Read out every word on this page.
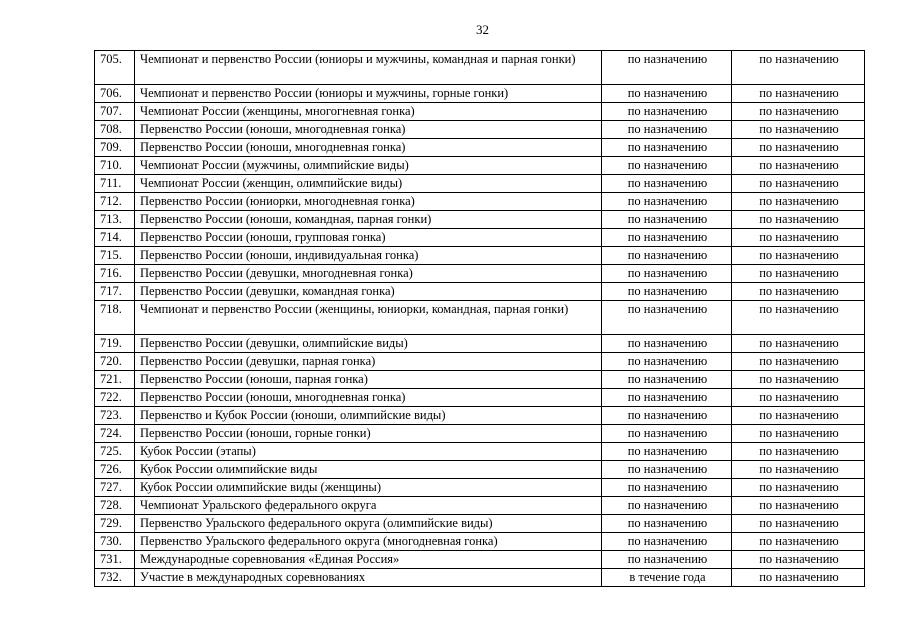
32
705.	Чемпионат и первенство России (юниоры и мужчины, командная и парная гонки)	по назначению	по назначению
706.	Чемпионат и первенство России (юниоры и мужчины, горные гонки)	по назначению	по назначению
707.	Чемпионат России (женщины, многогневная гонка)	по назначению	по назначению
708.	Первенство России (юноши, многодневная гонка)	по назначению	по назначению
709.	Первенство России (юноши, многодневная гонка)	по назначению	по назначению
710.	Чемпионат России (мужчины, олимпийские виды)	по назначению	по назначению
711.	Чемпионат России (женщин, олимпийские виды)	по назначению	по назначению
712.	Первенство России (юниорки, многодневная гонка)	по назначению	по назначению
713.	Первенство России (юноши, командная, парная гонки)	по назначению	по назначению
714.	Первенство России (юноши, групповая гонка)	по назначению	по назначению
715.	Первенство России (юноши, индивидуальная гонка)	по назначению	по назначению
716.	Первенство России (девушки, многодневная гонка)	по назначению	по назначению
717.	Первенство России (девушки, командная гонка)	по назначению	по назначению
718.	Чемпионат и первенство России (женщины, юниорки, командная, парная гонки)	по назначению	по назначению
719.	Первенство России (девушки, олимпийские виды)	по назначению	по назначению
720.	Первенство России (девушки, парная гонка)	по назначению	по назначению
721.	Первенство России (юноши, парная гонка)	по назначению	по назначению
722.	Первенство России (юноши, многодневная гонка)	по назначению	по назначению
723.	Первенство и Кубок России (юноши, олимпийские виды)	по назначению	по назначению
724.	Первенство России (юноши, горные гонки)	по назначению	по назначению
725.	Кубок России (этапы)	по назначению	по назначению
726.	Кубок России олимпийские виды	по назначению	по назначению
727.	Кубок России олимпийские виды (женщины)	по назначению	по назначению
728.	Чемпионат Уральского федерального округа	по назначению	по назначению
729.	Первенство Уральского федерального округа (олимпийские виды)	по назначению	по назначению
730.	Первенство Уральского федерального округа (многодневная гонка)	по назначению	по назначению
731.	Международные соревнования «Единая Россия»	по назначению	по назначению
732.	Участие в международных соревнованиях	в течение года	по назначению
